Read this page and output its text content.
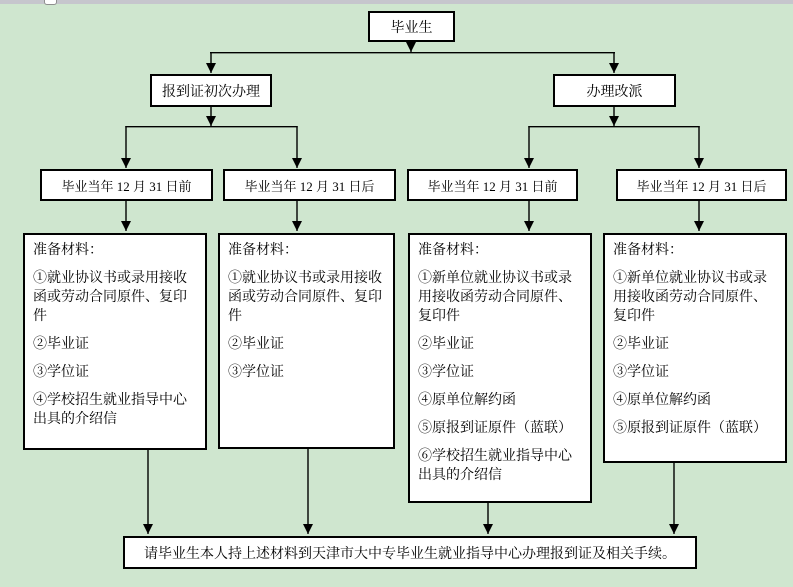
毕业生
报到证初次办理	办理改派
毕业当年 12 月 31 日前	毕业当年 12 月 31 日后	毕业当年 12 月 31 日前	毕业当年 12 月 31 日后

准备材料：

①就业协议书或录用接收函或劳动合同原件、复印件

②毕业证

③学位证

④学校招生就业指导中心出具的介绍信

准备材料：

①就业协议书或录用接收函或劳动合同原件、复印件

②毕业证

③学位证

准备材料：

①新单位就业协议书或录用接收函劳动合同原件、复印件

②毕业证

③学位证

④原单位解约函

⑤原报到证原件（蓝联）

⑥学校招生就业指导中心出具的介绍信

准备材料：

①新单位就业协议书或录用接收函劳动合同原件、复印件

②毕业证

③学位证

④原单位解约函

⑤原报到证原件（蓝联）

请毕业生本人持上述材料到天津市大中专毕业生就业指导中心办理报到证及相关手续。
